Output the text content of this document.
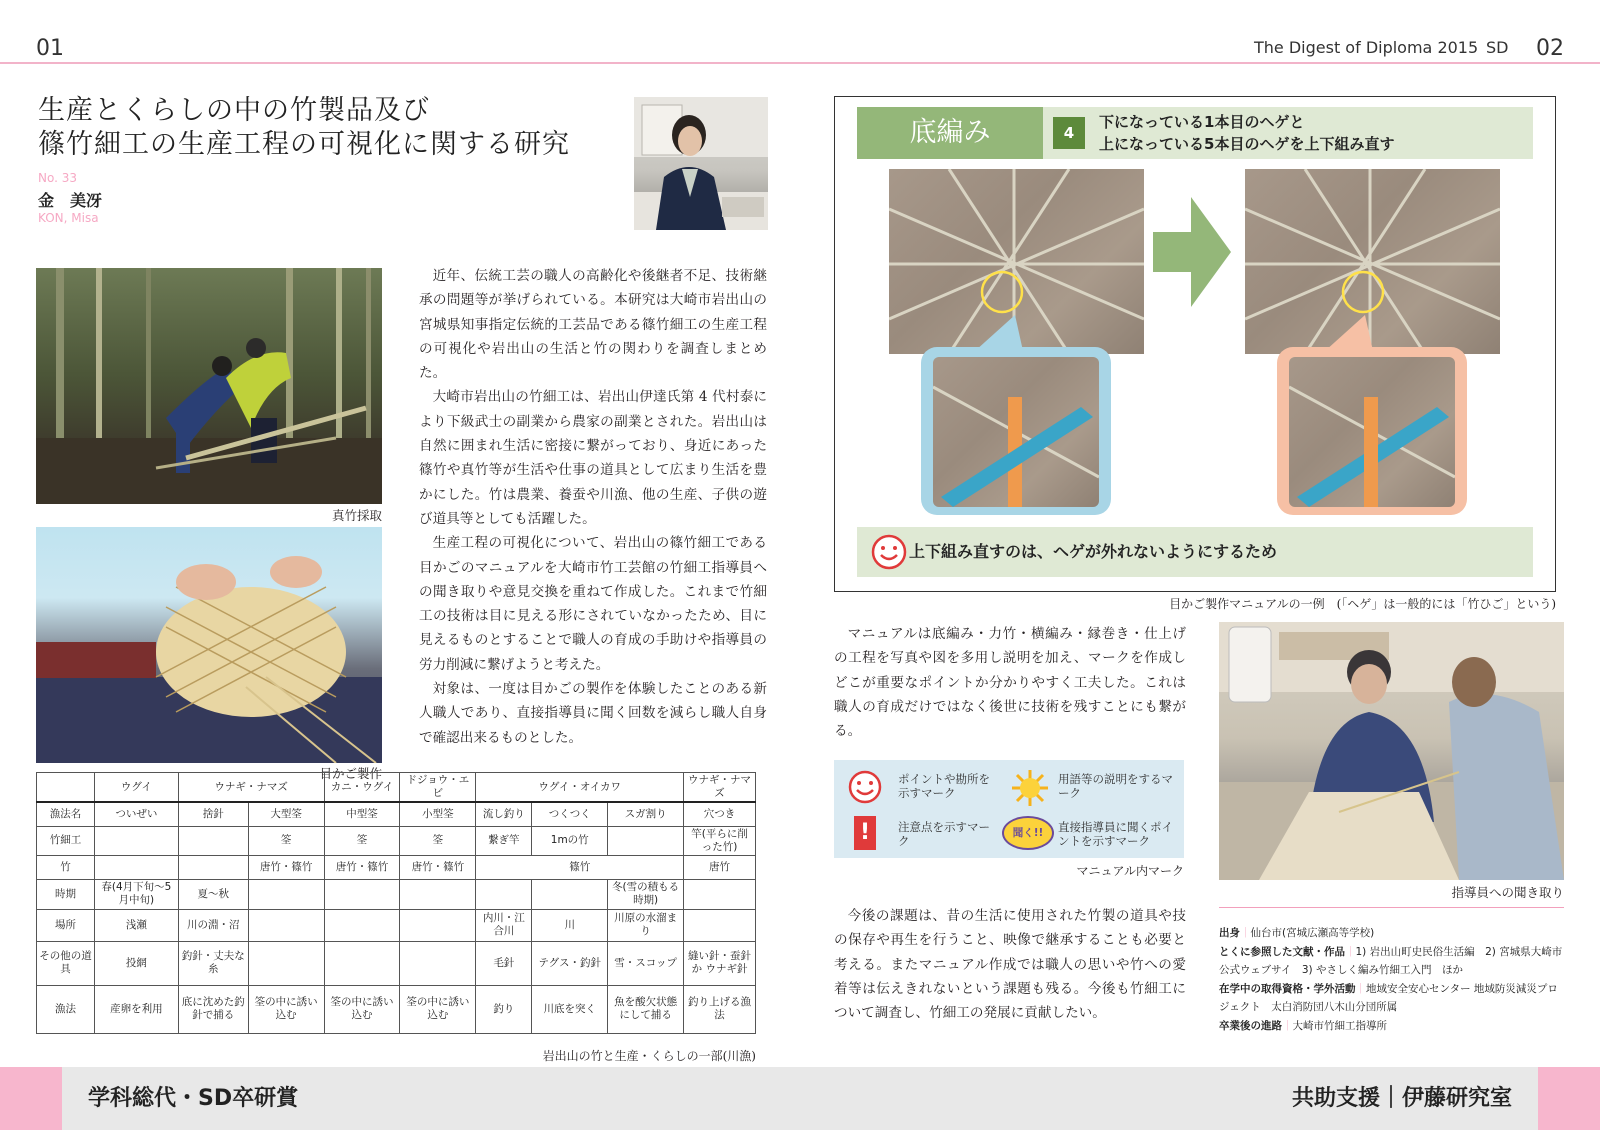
01	The Digest of Diploma 2015 SD 02
生産とくらしの中の竹製品及び
篠竹細工の生産工程の可視化に関する研究
No. 33
金　美冴
KON, Misa
真竹採取
目かご製作

近年、伝統工芸の職人の高齢化や後継者不足、技術継承の問題等が挙げられている。本研究は大崎市岩出山の宮城県知事指定伝統的工芸品である篠竹細工の生産工程の可視化や岩出山の生活と竹の関わりを調査しまとめた。

大崎市岩出山の竹細工は、岩出山伊達氏第 4 代村泰により下級武士の副業から農家の副業とされた。岩出山は自然に囲まれ生活に密接に繋がっており、身近にあった篠竹や真竹等が生活や仕事の道具として広まり生活を豊かにした。竹は農業、養蚕や川漁、他の生産、子供の遊び道具等としても活躍した。

生産工程の可視化について、岩出山の篠竹細工である目かごのマニュアルを大崎市竹工芸館の竹細工指導員への聞き取りや意見交換を重ねて作成した。これまで竹細工の技術は目に見える形にされていなかったため、目に見えるものとすることで職人の育成の手助けや指導員の労力削減に繋げようと考えた。

対象は、一度は目かごの製作を体験したことのある新人職人であり、直接指導員に聞く回数を減らし職人自身で確認出来るものとした。

	ウグイ	ウナギ・ナマズ		カニ・ウグイ	ドジョウ・エビ	ウグイ・オイカワ			ウナギ・ナマズ
漁法名	ついぜい	捨針	大型筌	中型筌	小型筌	流し釣り	つくつく	スガ割り	穴つき
竹細工			筌	筌	筌	繋ぎ竿	1mの竹		竿(平らに削った竹)
竹			唐竹・篠竹	唐竹・篠竹	唐竹・篠竹	篠竹			唐竹
時期	春(4月下旬〜5月中旬)	夏〜秋						冬(雪の積もる時期)	
場所	浅瀬	川の淵・沼				内川・江合川	川	川原の水溜まり	
その他の道具	投網	釣針・丈夫な糸				毛針	テグス・釣針	雪・スコップ	縫い針・蚕針か ウナギ針
漁法	産卵を利用	底に沈めた釣針で捕る	筌の中に誘い込む	筌の中に誘い込む	筌の中に誘い込む	釣り	川底を突く	魚を酸欠状態にして捕る	釣り上げる漁法
岩出山の竹と生産・くらしの一部(川漁)
底編み	4
下になっている1本目のヘゲと
上になっている5本目のヘゲを上下組み直す
上下組み直すのは、ヘゲが外れないようにするため
目かご製作マニュアルの一例　(「ヘゲ」は一般的には「竹ひご」という)

マニュアルは底編み・力竹・横編み・縁巻き・仕上げの工程を写真や図を多用し説明を加え、マークを作成しどこが重要なポイントか分かりやすく工夫した。これは職人の育成だけではなく後世に技術を残すことにも繋がる。

ポイントや勘所を示すマーク
用語等の説明をするマーク
!	注意点を示すマーク
聞く!!	直接指導員に聞くポイントを示すマーク
マニュアル内マーク

今後の課題は、昔の生活に使用された竹製の道具や技の保存や再生を行うこと、映像で継承することも必要と考える。またマニュアル作成では職人の思いや竹への愛着等は伝えきれないという課題も残る。今後も竹細工について調査し、竹細工の発展に貢献したい。

指導員への聞き取り
出身｜仙台市(宮城広瀬高等学校)
とくに参照した文献・作品｜1) 岩出山町史民俗生活編　2) 宮城県大崎市公式ウェブサイ　3) やさしく編み竹細工入門　ほか
在学中の取得資格・学外活動｜地域安全安心センター 地域防災減災プロジェクト　太白消防団八木山分団所属
卒業後の進路｜大崎市竹細工指導所
学科総代・SD卒研賞	共助支援｜伊藤研究室
